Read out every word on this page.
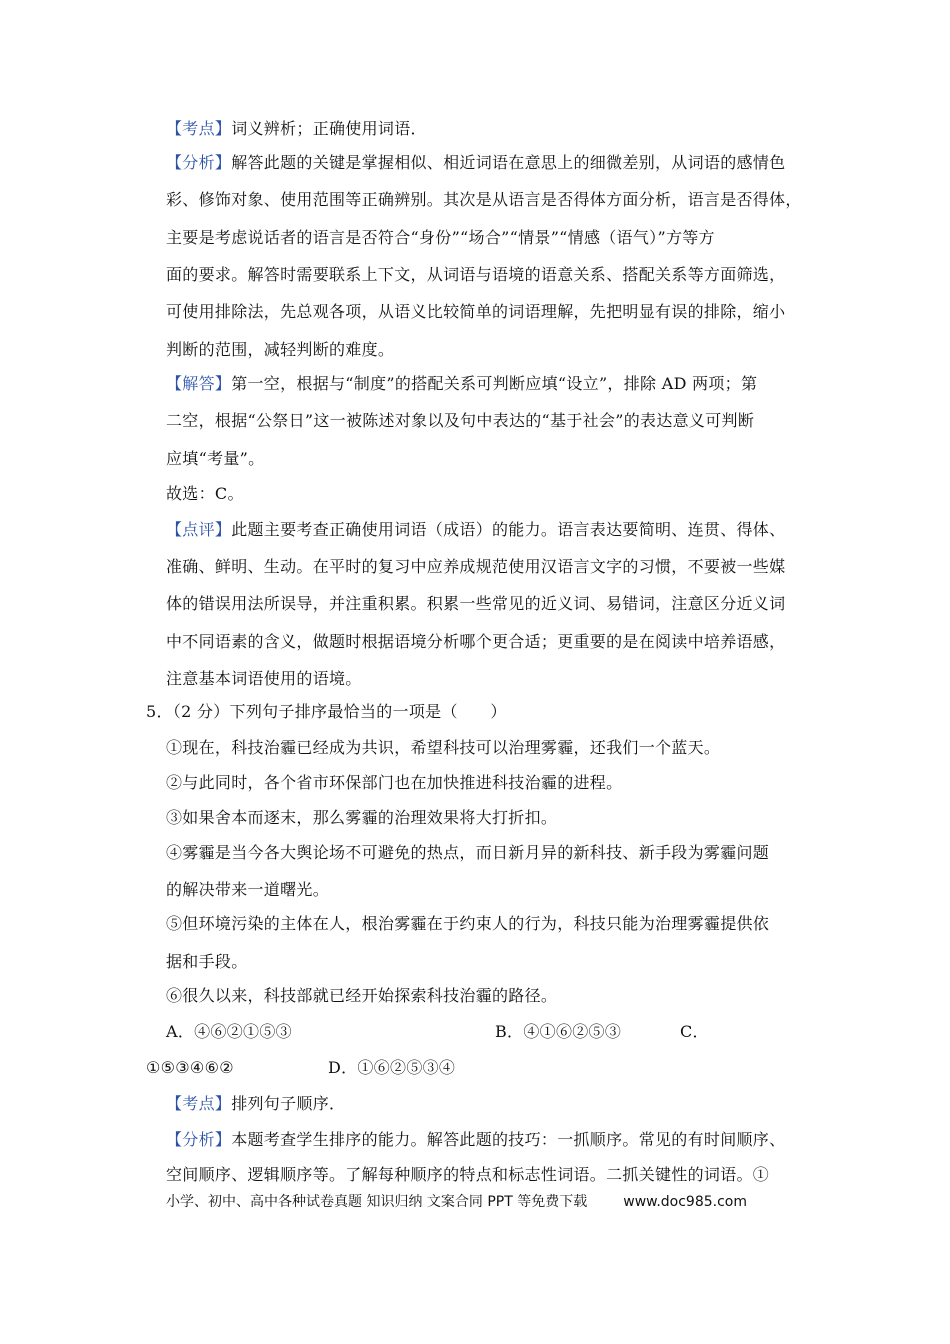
【考点】词义辨析；正确使用词语．
【分析】解答此题的关键是掌握相似、相近词语在意思上的细微差别，从词语的感情色
彩、修饰对象、使用范围等正确辨别。其次是从语言是否得体方面分析，语言是否得体，
主要是考虑说话者的语言是否符合“身份”“场合”“情景”“情感（语气）”方等方
面的要求。解答时需要联系上下文，从词语与语境的语意关系、搭配关系等方面筛选，
可使用排除法，先总观各项，从语义比较简单的词语理解，先把明显有误的排除，缩小
判断的范围，减轻判断的难度。
【解答】第一空，根据与“制度”的搭配关系可判断应填“设立”，排除 AD 两项；第
二空，根据“公祭日”这一被陈述对象以及句中表达的“基于社会”的表达意义可判断
应填“考量”。
故选：C。
【点评】此题主要考查正确使用词语（成语）的能力。语言表达要简明、连贯、得体、
准确、鲜明、生动。在平时的复习中应养成规范使用汉语言文字的习惯，不要被一些媒
体的错误用法所误导，并注重积累。积累一些常见的近义词、易错词，注意区分近义词
中不同语素的含义，做题时根据语境分析哪个更合适；更重要的是在阅读中培养语感，
注意基本词语使用的语境。
5．（2 分）下列句子排序最恰当的一项是（　　）
①现在，科技治霾已经成为共识，希望科技可以治理雾霾，还我们一个蓝天。
②与此同时，各个省市环保部门也在加快推进科技治霾的进程。
③如果舍本而逐末，那么雾霾的治理效果将大打折扣。
④雾霾是当今各大舆论场不可避免的热点，而日新月异的新科技、新手段为雾霾问题
的解决带来一道曙光。
⑤但环境污染的主体在人，根治雾霾在于约束人的行为，科技只能为治理雾霾提供依
据和手段。
⑥很久以来，科技部就已经开始探索科技治霾的路径。
A．④⑥②①⑤③	B．④①⑥②⑤③	C．
①⑤③④⑥②	D．①⑥②⑤③④
【考点】排列句子顺序．
【分析】本题考查学生排序的能力。解答此题的技巧：一抓顺序。常见的有时间顺序、
空间顺序、逻辑顺序等。了解每种顺序的特点和标志性词语。二抓关键性的词语。①
小学、初中、高中各种试卷真题 知识归纳 文案合同 PPT 等免费下载	www.doc985.com
